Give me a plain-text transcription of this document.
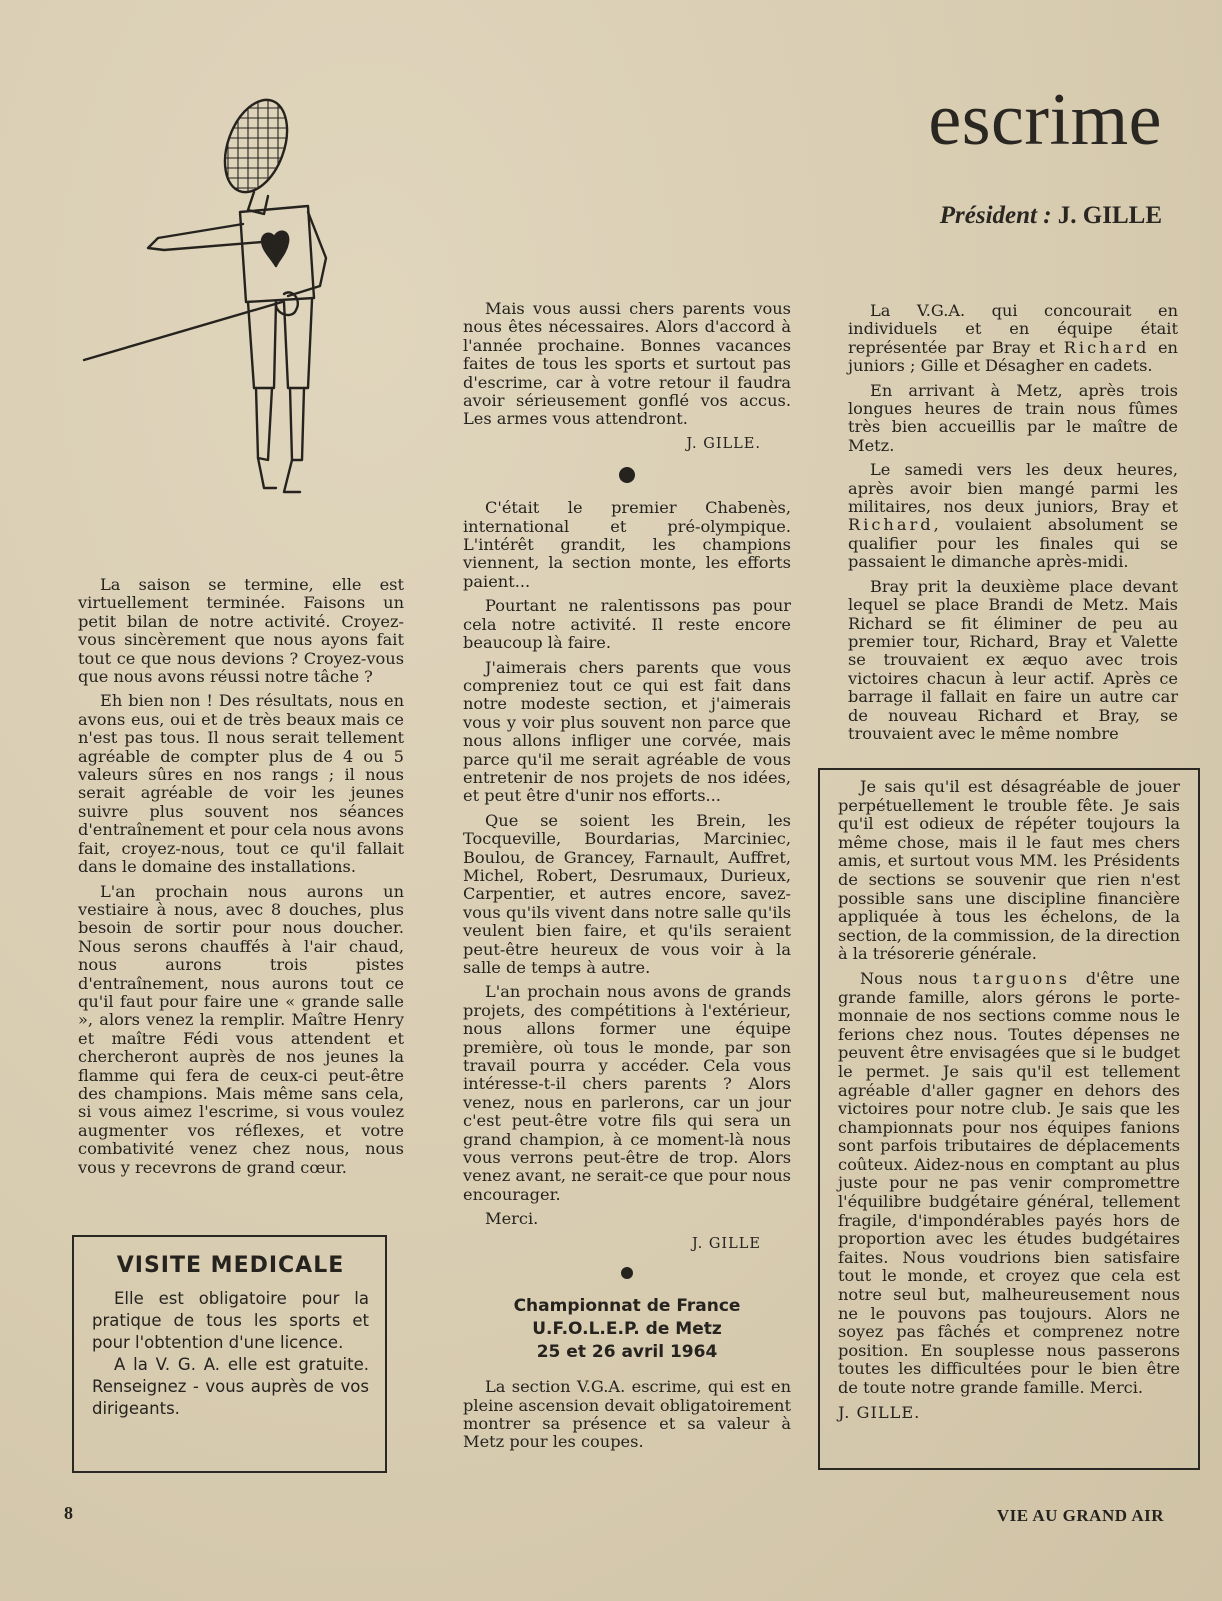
escrime
Président : J. GILLE

La saison se termine, elle est virtuellement terminée. Faisons un petit bilan de notre activité. Croyez-vous sincèrement que nous ayons fait tout ce que nous devions ? Croyez-vous que nous avons réussi notre tâche ?

Eh bien non ! Des résultats, nous en avons eus, oui et de très beaux mais ce n'est pas tous. Il nous serait tellement agréable de compter plus de 4 ou 5 valeurs sûres en nos rangs ; il nous serait agréable de voir les jeunes suivre plus souvent nos séances d'entraînement et pour cela nous avons fait, croyez-nous, tout ce qu'il fallait dans le domaine des installations.

L'an prochain nous aurons un vestiaire à nous, avec 8 douches, plus besoin de sortir pour nous doucher. Nous serons chauffés à l'air chaud, nous aurons trois pistes d'entraînement, nous aurons tout ce qu'il faut pour faire une « grande salle », alors venez la remplir. Maître Henry et maître Fédi vous attendent et chercheront auprès de nos jeunes la flamme qui fera de ceux-ci peut-être des champions. Mais même sans cela, si vous aimez l'escrime, si vous voulez augmenter vos réflexes, et votre combativité venez chez nous, nous vous y recevrons de grand cœur.

VISITE MEDICALE

Elle est obligatoire pour la pratique de tous les sports et pour l'obtention d'une licence.

A la V. G. A. elle est gratuite. Renseignez - vous auprès de vos dirigeants.

Mais vous aussi chers parents vous nous êtes nécessaires. Alors d'accord à l'année prochaine. Bonnes vacances faites de tous les sports et surtout pas d'escrime, car à votre retour il faudra avoir sérieusement gonflé vos accus. Les armes vous attendront.

J. GILLE.

C'était le premier Chabenès, international et pré-olympique. L'intérêt grandit, les champions viennent, la section monte, les efforts paient...

Pourtant ne ralentissons pas pour cela notre activité. Il reste encore beaucoup là faire.

J'aimerais chers parents que vous compreniez tout ce qui est fait dans notre modeste section, et j'aimerais vous y voir plus souvent non parce que nous allons infliger une corvée, mais parce qu'il me serait agréable de vous entretenir de nos projets de nos idées, et peut être d'unir nos efforts...

Que se soient les Brein, les Tocqueville, Bourdarias, Marciniec, Boulou, de Grancey, Farnault, Auffret, Michel, Robert, Desrumaux, Durieux, Carpentier, et autres encore, savez-vous qu'ils vivent dans notre salle qu'ils veulent bien faire, et qu'ils seraient peut-être heureux de vous voir à la salle de temps à autre.

L'an prochain nous avons de grands projets, des compétitions à l'extérieur, nous allons former une équipe première, où tous le monde, par son travail pourra y accéder. Cela vous intéresse-t-il chers parents ? Alors venez, nous en parlerons, car un jour c'est peut-être votre fils qui sera un grand champion, à ce moment-là nous vous verrons peut-être de trop. Alors venez avant, ne serait-ce que pour nous encourager.

Merci.

J. GILLE

Championnat de France
U.F.O.L.E.P. de Metz
25 et 26 avril 1964

La section V.G.A. escrime, qui est en pleine ascension devait obligatoirement montrer sa présence et sa valeur à Metz pour les coupes.

La V.G.A. qui concourait en individuels et en équipe était représentée par Bray et Richard en juniors ; Gille et Désagher en cadets.

En arrivant à Metz, après trois longues heures de train nous fûmes très bien accueillis par le maître de Metz.

Le samedi vers les deux heures, après avoir bien mangé parmi les militaires, nos deux juniors, Bray et Richard, voulaient absolument se qualifier pour les finales qui se passaient le dimanche après-midi.

Bray prit la deuxième place devant lequel se place Brandi de Metz. Mais Richard se fit éliminer de peu au premier tour, Richard, Bray et Valette se trouvaient ex æquo avec trois victoires chacun à leur actif. Après ce barrage il fallait en faire un autre car de nouveau Richard et Bray, se trouvaient avec le même nombre

Je sais qu'il est désagréable de jouer perpétuellement le trouble fête. Je sais qu'il est odieux de répéter toujours la même chose, mais il le faut mes chers amis, et surtout vous MM. les Présidents de sections se souvenir que rien n'est possible sans une discipline financière appliquée à tous les échelons, de la section, de la commission, de la direction à la trésorerie générale.

Nous nous targuons d'être une grande famille, alors gérons le porte-monnaie de nos sections comme nous le ferions chez nous. Toutes dépenses ne peuvent être envisagées que si le budget le permet. Je sais qu'il est tellement agréable d'aller gagner en dehors des victoires pour notre club. Je sais que les championnats pour nos équipes fanions sont parfois tributaires de déplacements coûteux. Aidez-nous en comptant au plus juste pour ne pas venir compromettre l'équilibre budgétaire général, tellement fragile, d'impondérables payés hors de proportion avec les études budgétaires faites. Nous voudrions bien satisfaire tout le monde, et croyez que cela est notre seul but, malheureusement nous ne le pouvons pas toujours. Alors ne soyez pas fâchés et comprenez notre position. En souplesse nous passerons toutes les difficultées pour le bien être de toute notre grande famille. Merci.

J. GILLE.

8	VIE AU GRAND AIR
